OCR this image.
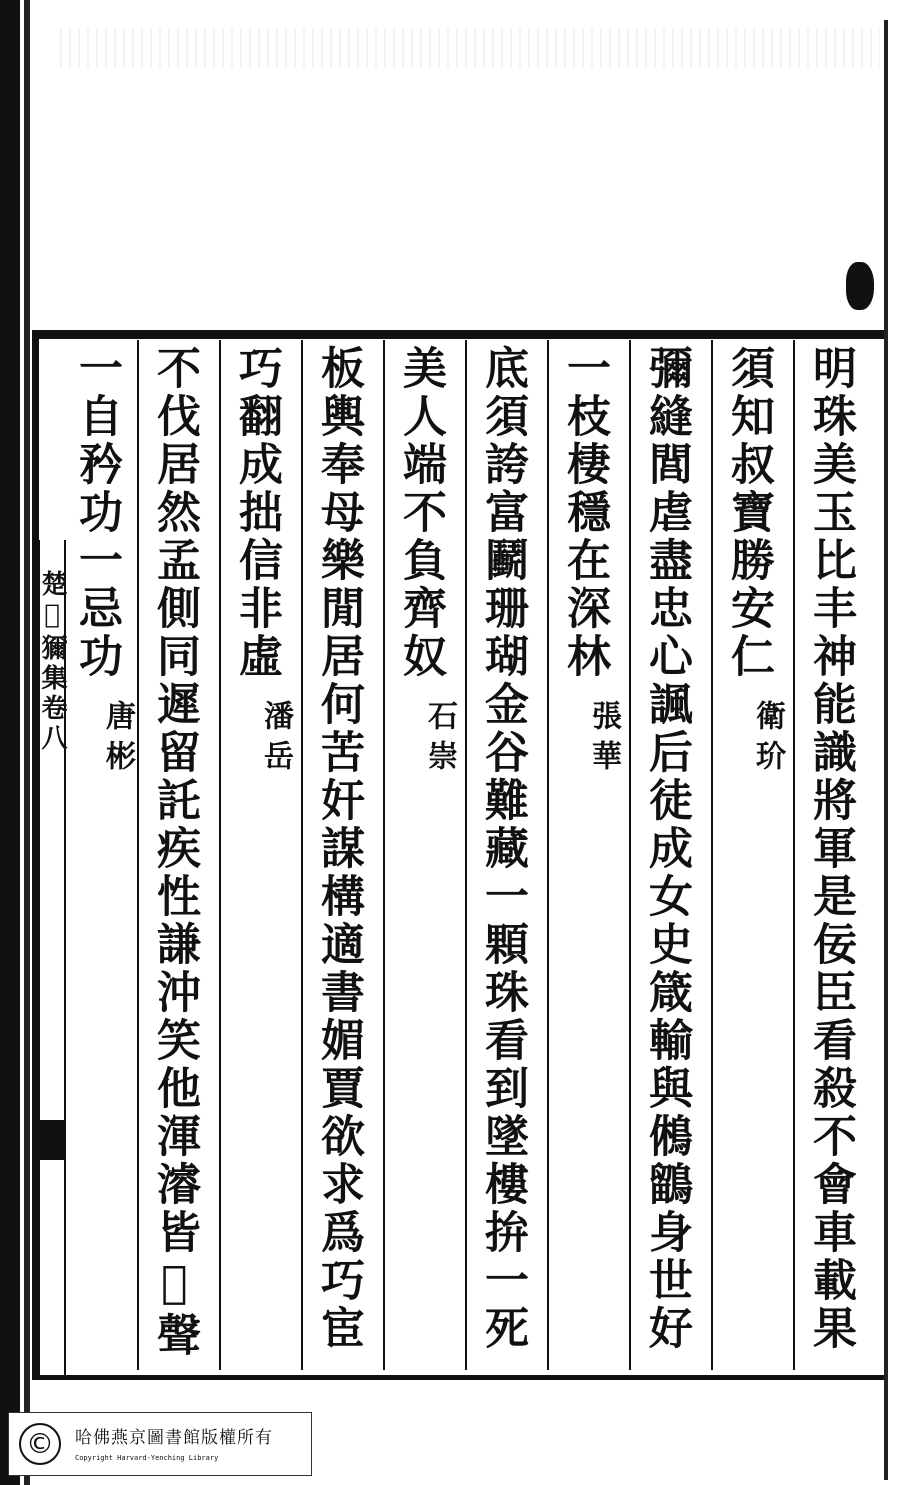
楚𢧐獮集卷八	明珠美玉比丰神能識將軍是佞臣看殺不會車載果
須知叔寶勝安仁
衛玠
彌縫閭虐盡忠心諷后徒成女史箴輸與鵂鶹身世好
一枝棲穩在深林
張華
底須誇富鬬珊瑚金谷難藏一顆珠看到墜樓拚一死
美人端不負齊奴
石崇
板輿奉母樂閒居何苦奸謀構適書媚賈欲求爲巧宦
巧翻成拙信非虛
潘岳
不伐居然孟側同遲留託疾性謙沖笑他渾濬皆𢢸聲
一自矜功一忌功
唐彬
©	哈佛燕京圖書館版權所有
Copyright Harvard-Yenching Library
